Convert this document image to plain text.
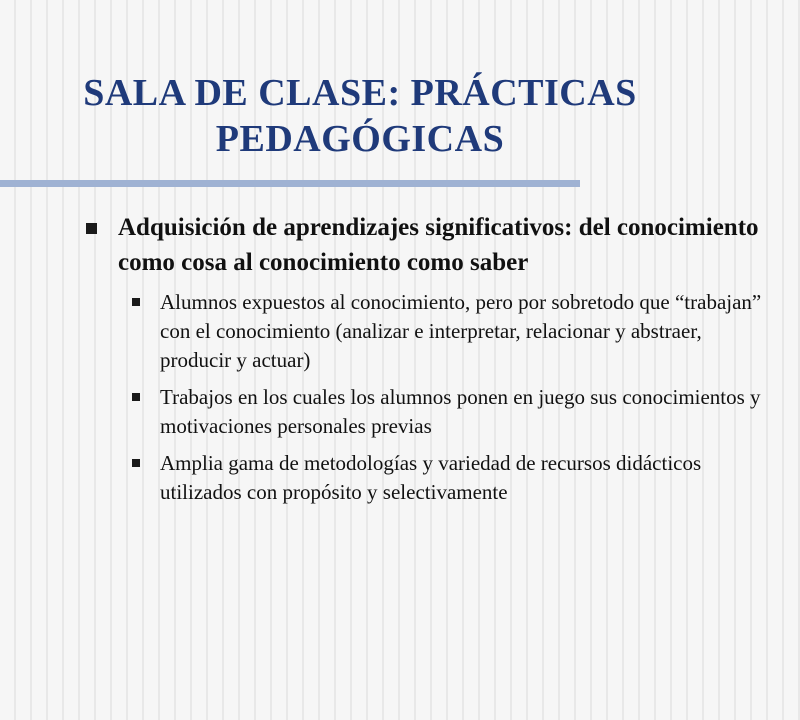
SALA DE CLASE: PRÁCTICAS
PEDAGÓGICAS
Adquisición de aprendizajes significativos: del conocimiento como cosa al conocimiento como saber
Alumnos expuestos al conocimiento, pero por sobretodo que “trabajan” con el conocimiento (analizar e interpretar, relacionar y abstraer, producir y actuar)
Trabajos en los cuales los alumnos ponen en juego sus conocimientos y motivaciones personales previas
Amplia gama de metodologías y variedad de recursos didácticos utilizados con propósito y selectivamente
